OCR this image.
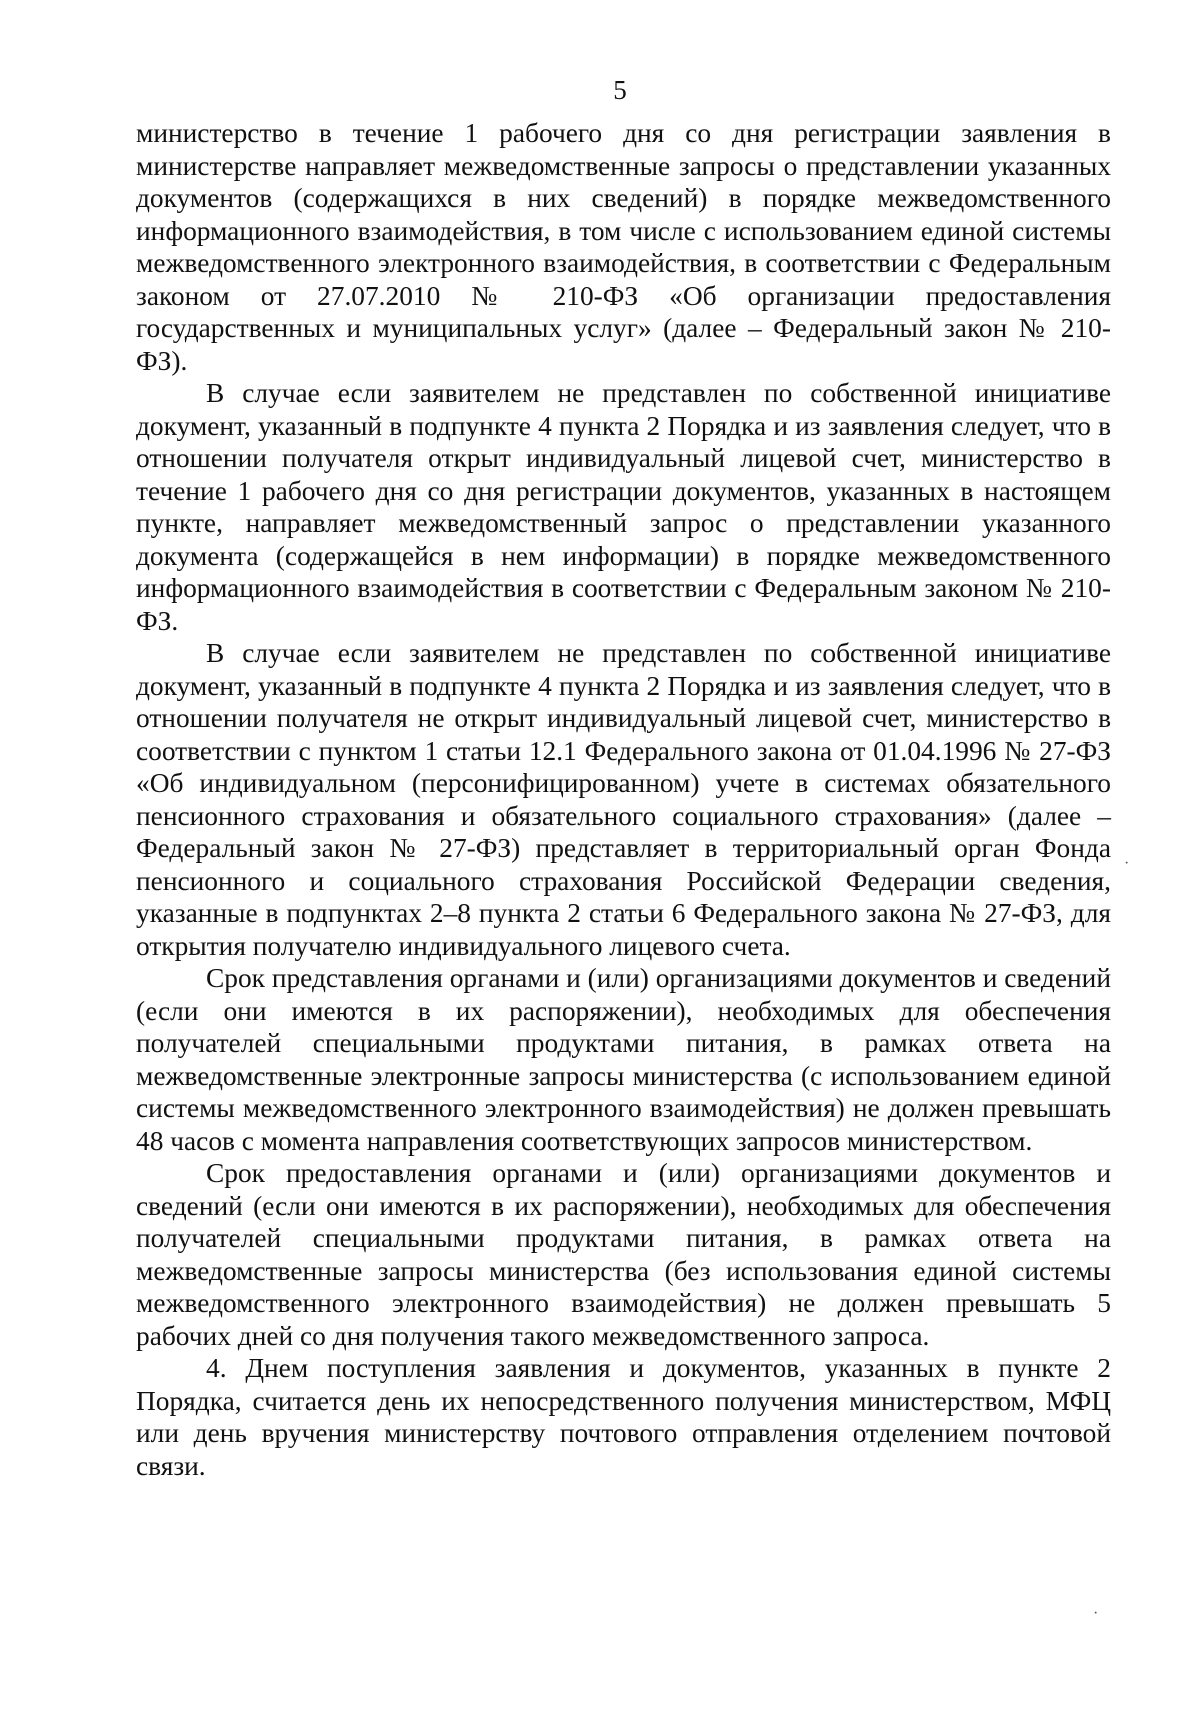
5

министерство в течение 1 рабочего дня со дня регистрации заявления в министерстве направляет межведомственные запросы о представлении указанных документов (содержащихся в них сведений) в порядке межведомственного информационного взаимодействия, в том числе с использованием единой системы межведомственного электронного взаимодействия, в соответствии с Федеральным законом от 27.07.2010 № 210-ФЗ «Об организации предоставления государственных и муниципальных услуг» (далее – Федеральный закон № 210-ФЗ).

В случае если заявителем не представлен по собственной инициативе документ, указанный в подпункте 4 пункта 2 Порядка и из заявления следует, что в отношении получателя открыт индивидуальный лицевой счет, министерство в течение 1 рабочего дня со дня регистрации документов, указанных в настоящем пункте, направляет межведомственный запрос о представлении указанного документа (содержащейся в нем информации) в порядке межведомственного информационного взаимодействия в соответствии с Федеральным законом № 210-ФЗ.

В случае если заявителем не представлен по собственной инициативе документ, указанный в подпункте 4 пункта 2 Порядка и из заявления следует, что в отношении получателя не открыт индивидуальный лицевой счет, министерство в соответствии с пунктом 1 статьи 12.1 Федерального закона от 01.04.1996 № 27-ФЗ «Об индивидуальном (персонифицированном) учете в системах обязательного пенсионного страхования и обязательного социального страхования» (далее – Федеральный закон № 27-ФЗ) представляет в территориальный орган Фонда пенсионного и социального страхования Российской Федерации сведения, указанные в подпунктах 2–8 пункта 2 статьи 6 Федерального закона № 27-ФЗ, для открытия получателю индивидуального лицевого счета.

Срок представления органами и (или) организациями документов и сведений (если они имеются в их распоряжении), необходимых для обеспечения получателей специальными продуктами питания, в рамках ответа на межведомственные электронные запросы министерства (с использованием единой системы межведомственного электронного взаимодействия) не должен превышать 48 часов с момента направления соответствующих запросов министерством.

Срок предоставления органами и (или) организациями документов и сведений (если они имеются в их распоряжении), необходимых для обеспечения получателей специальными продуктами питания, в рамках ответа на межведомственные запросы министерства (без использования единой системы межведомственного электронного взаимодействия) не должен превышать 5 рабочих дней со дня получения такого межведомственного запроса.

4. Днем поступления заявления и документов, указанных в пункте 2 Порядка, считается день их непосредственного получения министерством, МФЦ или день вручения министерству почтового отправления отделением почтовой связи.

·
·
